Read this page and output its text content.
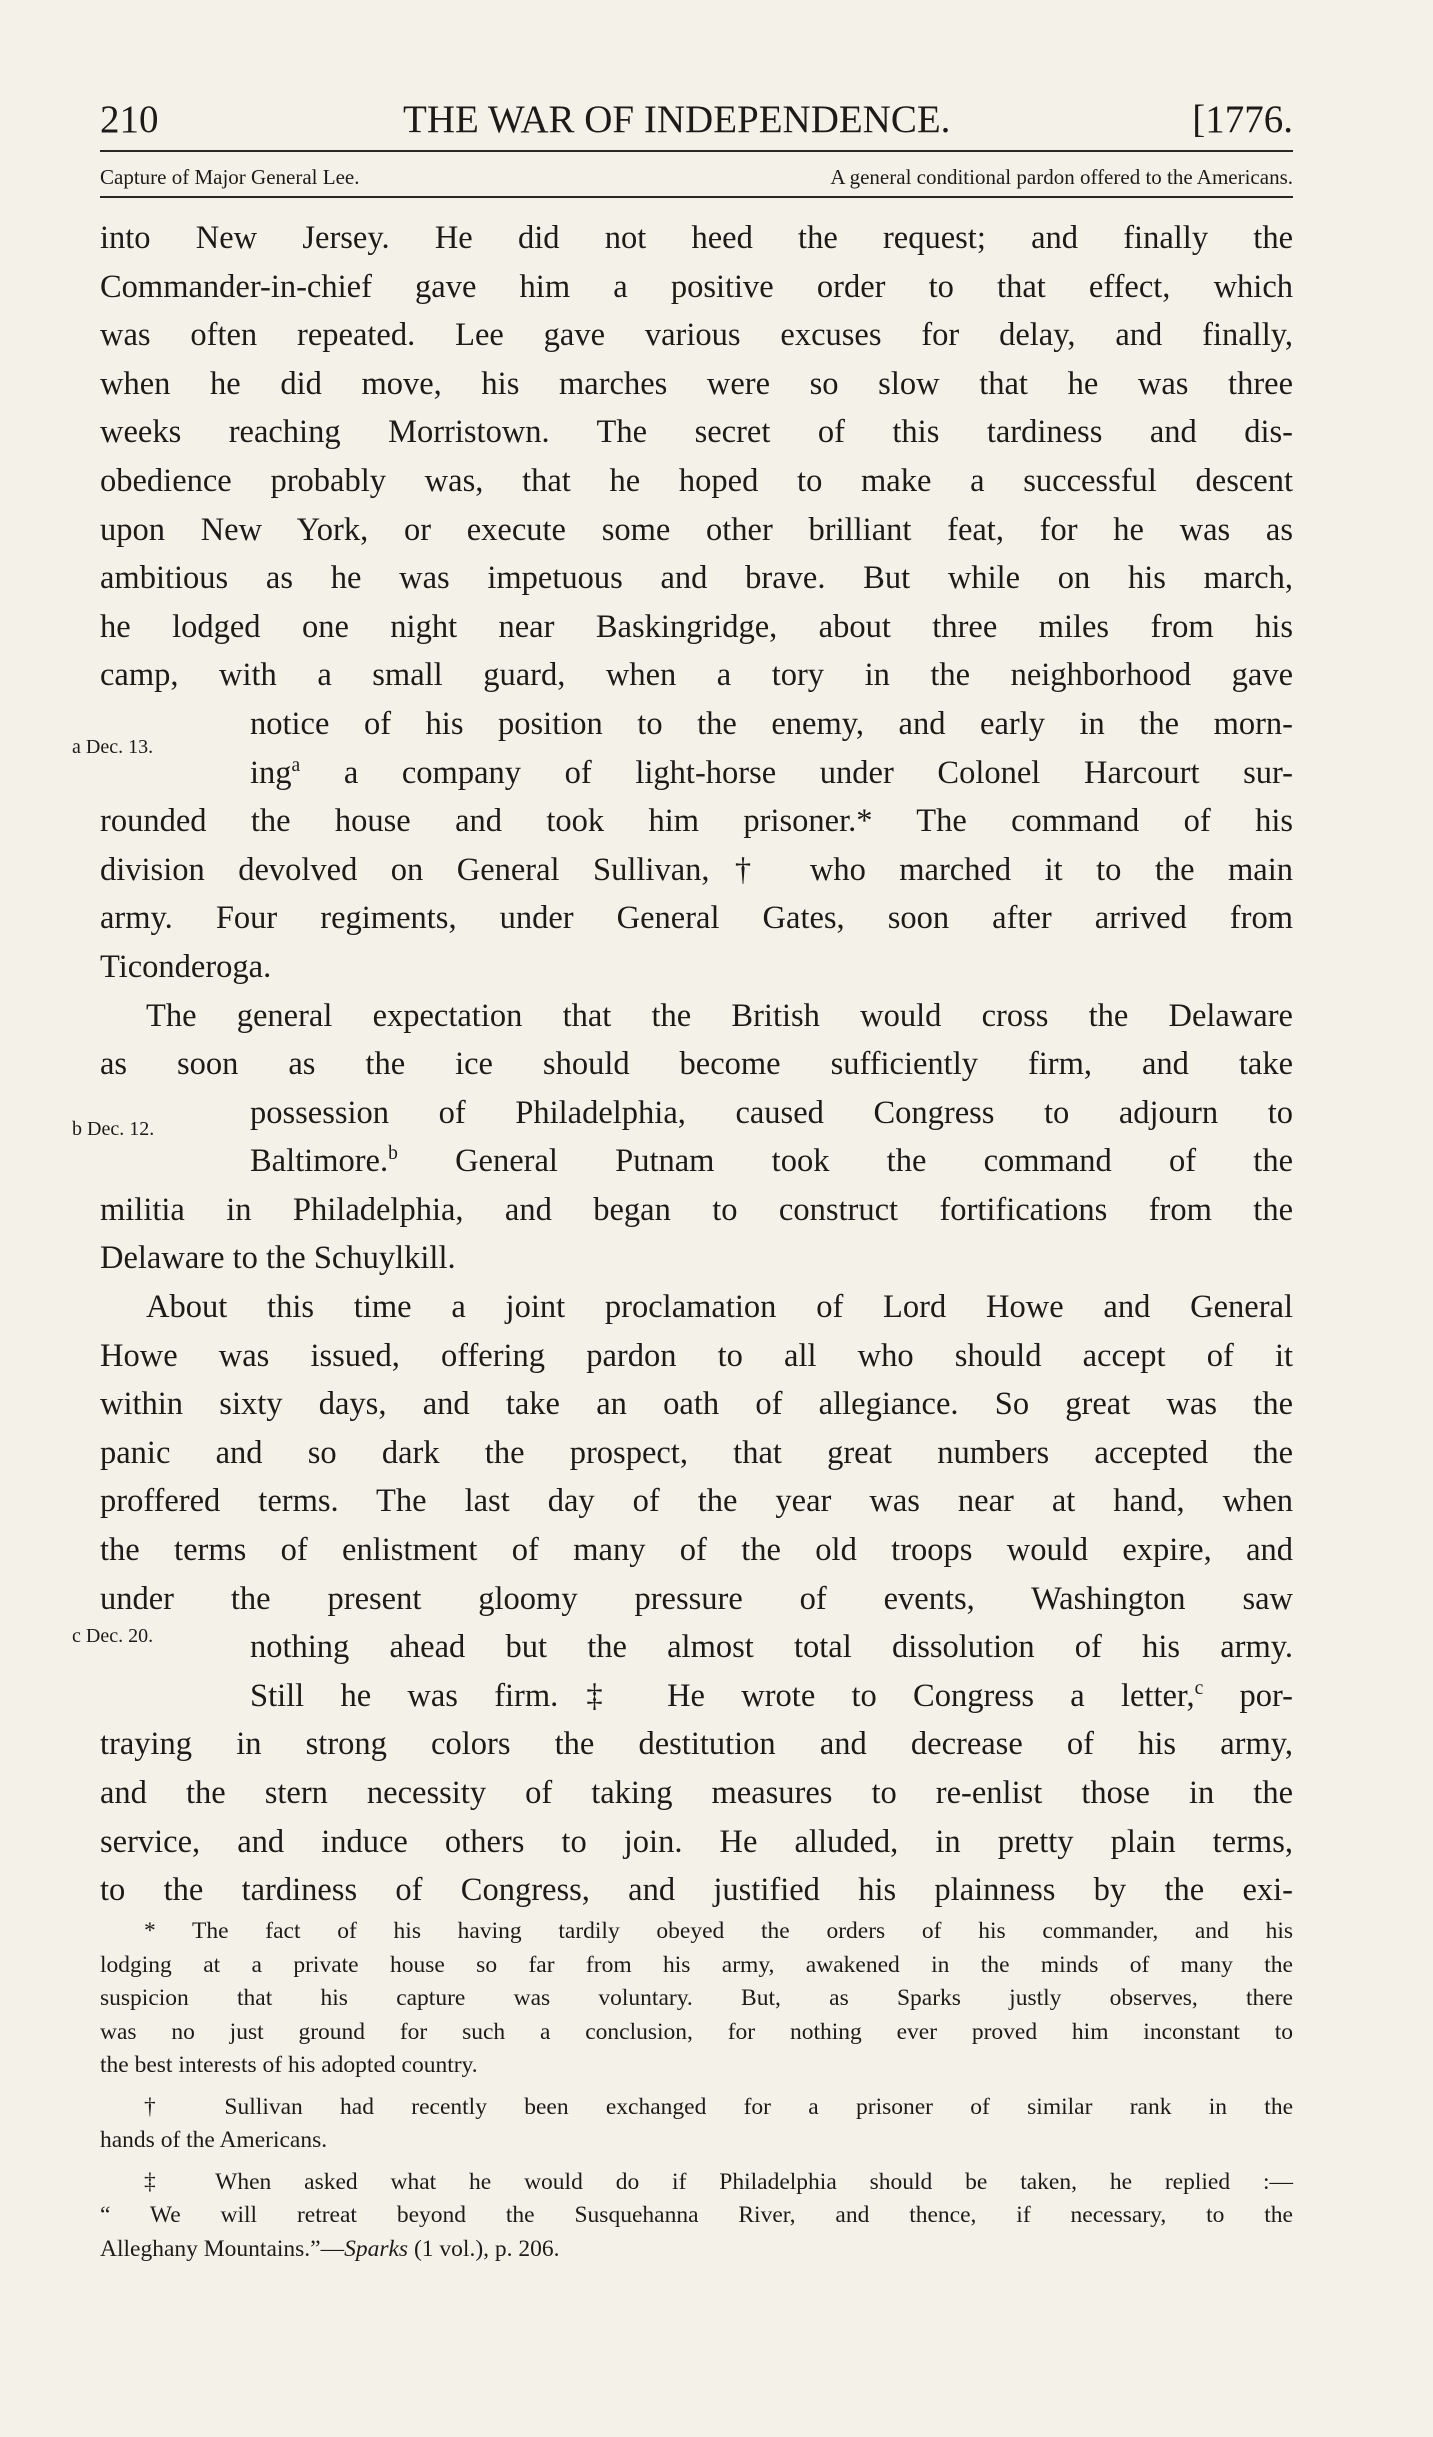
210	THE WAR OF INDEPENDENCE.	[1776.
Capture of Major General Lee.	A general conditional pardon offered to the Americans.
a Dec. 13.
b Dec. 12.
c Dec. 20.
into New Jersey. He did not heed the request; and finally the
Commander-in-chief gave him a positive order to that effect, which
was often repeated. Lee gave various excuses for delay, and finally,
when he did move, his marches were so slow that he was three
weeks reaching Morristown. The secret of this tardiness and dis-
obedience probably was, that he hoped to make a successful descent
upon New York, or execute some other brilliant feat, for he was as
ambitious as he was impetuous and brave. But while on his march,
he lodged one night near Baskingridge, about three miles from his
camp, with a small guard, when a tory in the neighborhood gave
notice of his position to the enemy, and early in the morn-
ing$^a$ a company of light-horse under Colonel Harcourt sur-
rounded the house and took him prisoner.* The command of his
division devolved on General Sullivan,† who marched it to the main
army. Four regiments, under General Gates, soon after arrived from
Ticonderoga.
The general expectation that the British would cross the Delaware
as soon as the ice should become sufficiently firm, and take
possession of Philadelphia, caused Congress to adjourn to
Baltimore.$^b$ General Putnam took the command of the
militia in Philadelphia, and began to construct fortifications from the
Delaware to the Schuylkill.
About this time a joint proclamation of Lord Howe and General
Howe was issued, offering pardon to all who should accept of it
within sixty days, and take an oath of allegiance. So great was the
panic and so dark the prospect, that great numbers accepted the
proffered terms. The last day of the year was near at hand, when
the terms of enlistment of many of the old troops would expire, and
under the present gloomy pressure of events, Washington saw
nothing ahead but the almost total dissolution of his army.
Still he was firm.‡ He wrote to Congress a letter,$^c$ por-
traying in strong colors the destitution and decrease of his army,
and the stern necessity of taking measures to re-enlist those in the
service, and induce others to join. He alluded, in pretty plain terms,
to the tardiness of Congress, and justified his plainness by the exi-
* The fact of his having tardily obeyed the orders of his commander, and his
lodging at a private house so far from his army, awakened in the minds of many the
suspicion that his capture was voluntary. But, as Sparks justly observes, there
was no just ground for such a conclusion, for nothing ever proved him inconstant to
the best interests of his adopted country.
† Sullivan had recently been exchanged for a prisoner of similar rank in the
hands of the Americans.
‡ When asked what he would do if Philadelphia should be taken, he replied :—
“ We will retreat beyond the Susquehanna River, and thence, if necessary, to the
Alleghany Mountains.”—Sparks (1 vol.), p. 206.
